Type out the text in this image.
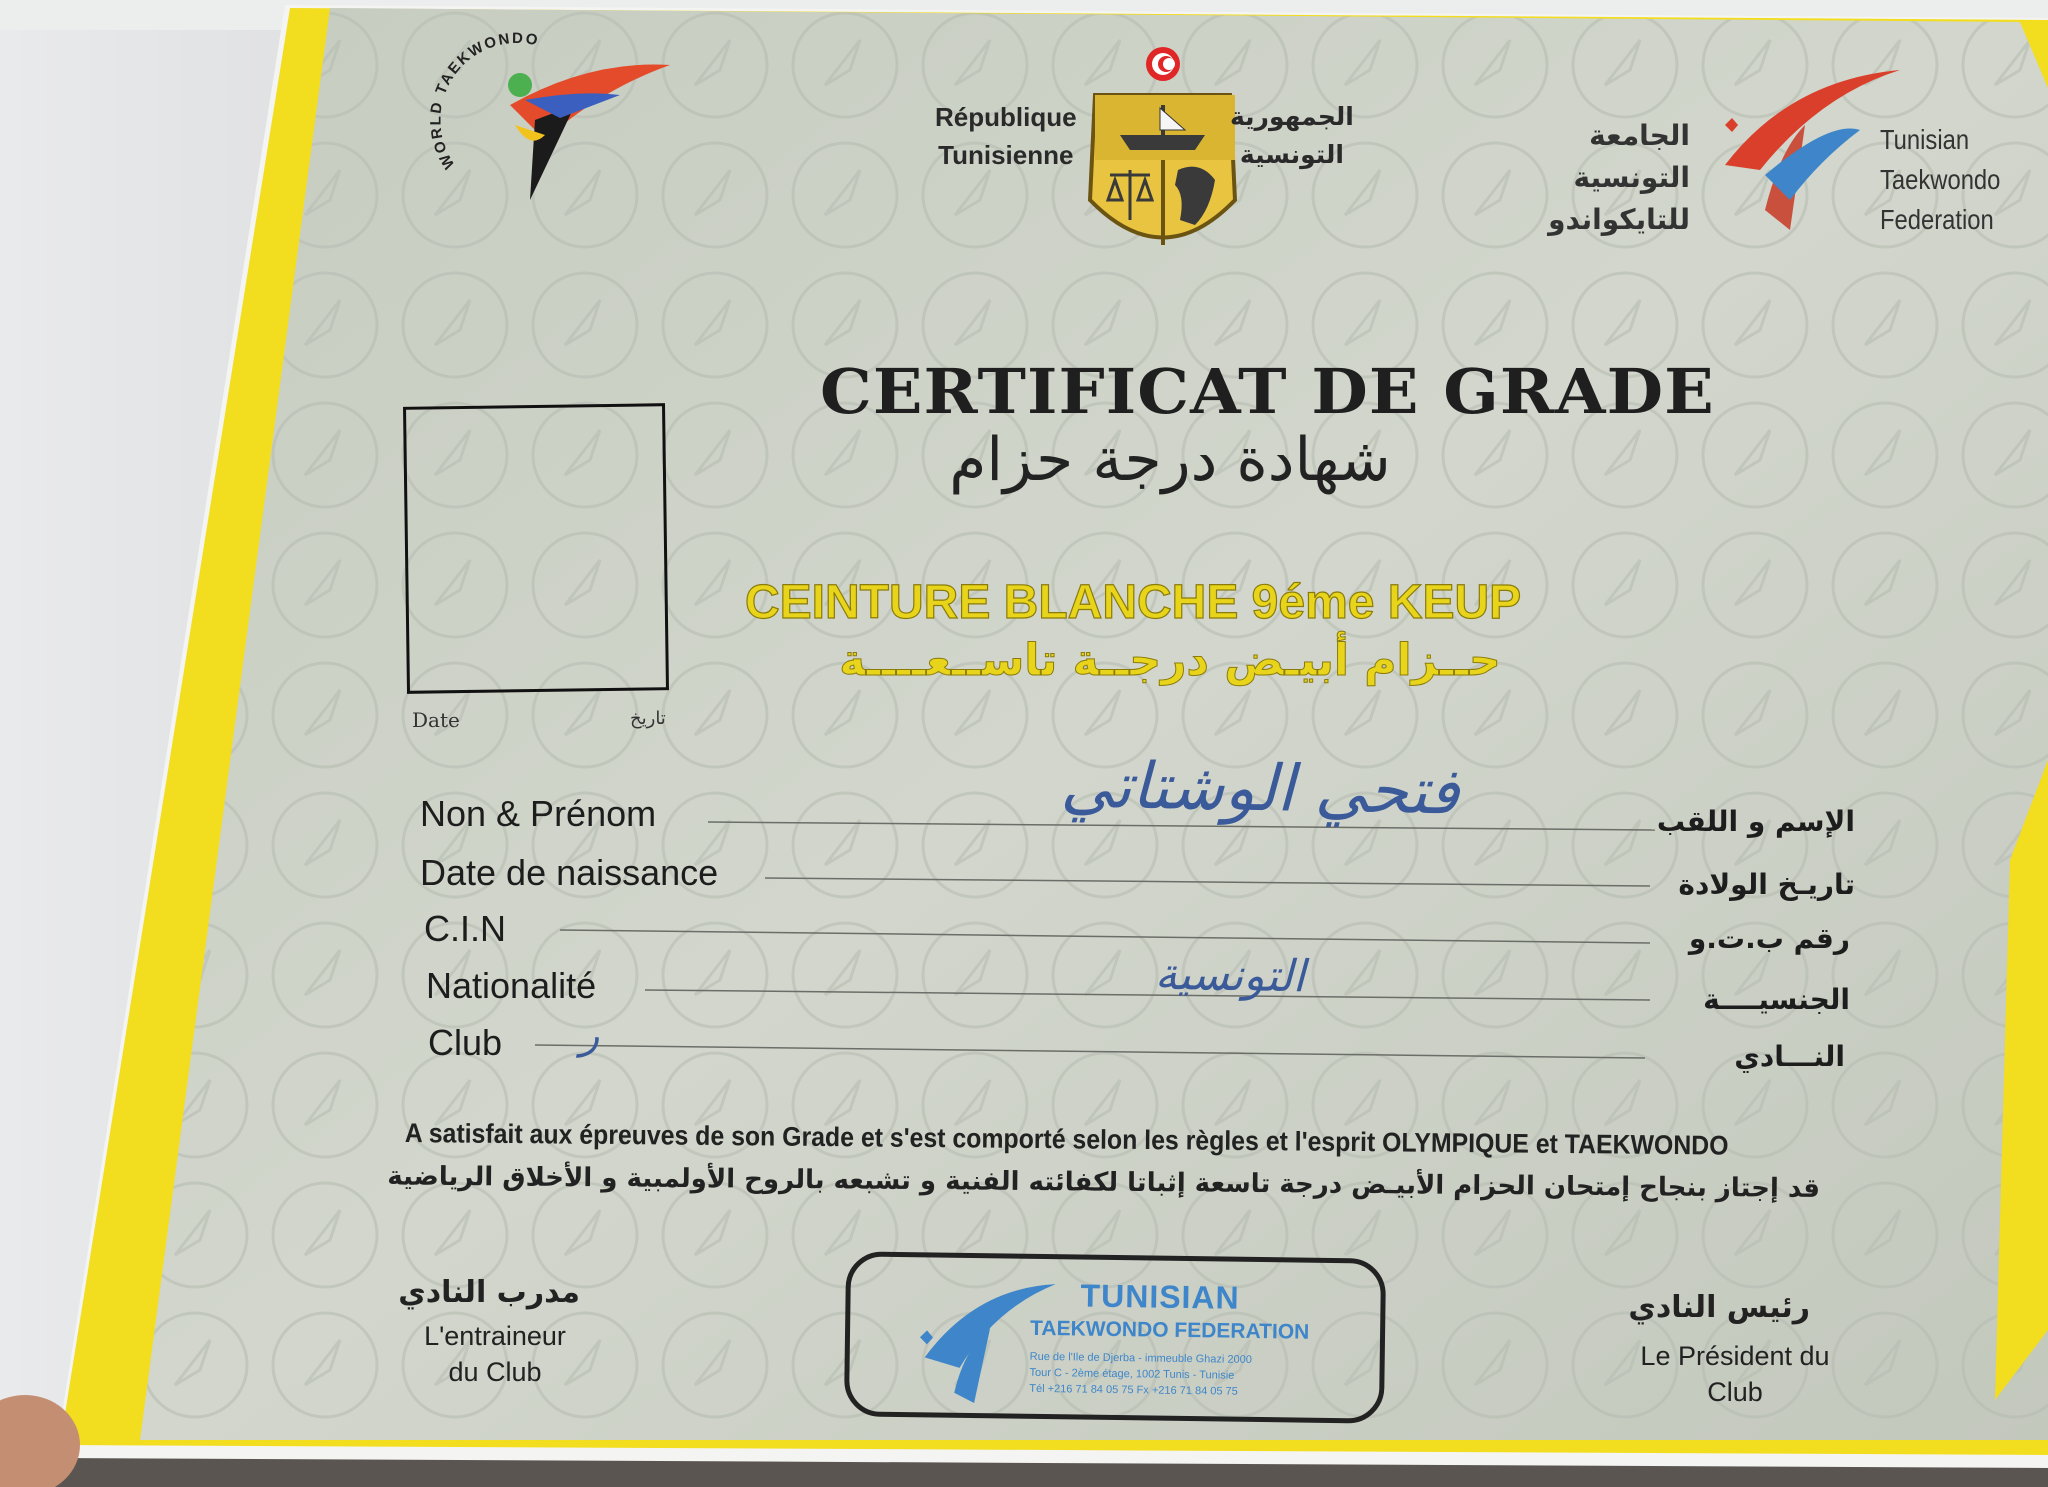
WORLD TAEKWONDO
République
Tunisienne
الجمهورية
التونسية
الجامعة
التونسية
للتايكواندو
Tunisian
Taekwondo
Federation
CERTIFICAT DE GRADE
شهادة درجة حزام
CEINTURE BLANCHE 9éme KEUP
حــزام أبيـض درجــة تاســعــــة
Date	تاريخ
Non & Prénom	الإسم و اللقب
فتحي الوشتاتي
Date de naissance	تاريـخ الولادة
C.I.N	رقم ب.ت.و
Nationalité	الجنسيــــة
التونسية
Club	النـــادي
ر
A satisfait aux épreuves de son Grade et s'est comporté selon les règles et l'esprit OLYMPIQUE et TAEKWONDO
قد إجتاز بنجاح إمتحان الحزام الأبيـض درجة تاسعة إثباتا لكفائته الفنية و تشبعه بالروح الأولمبية و الأخلاق الرياضية
مدرب النادي
L'entraineur
du Club
رئيس النادي
Le Président du
Club
TUNISIAN
TAEKWONDO FEDERATION
Rue de l'Ile de Djerba - immeuble Ghazi 2000
Tour C - 2ème étage, 1002 Tunis - Tunisie
Tél +216 71 84 05 75 Fx +216 71 84 05 75
